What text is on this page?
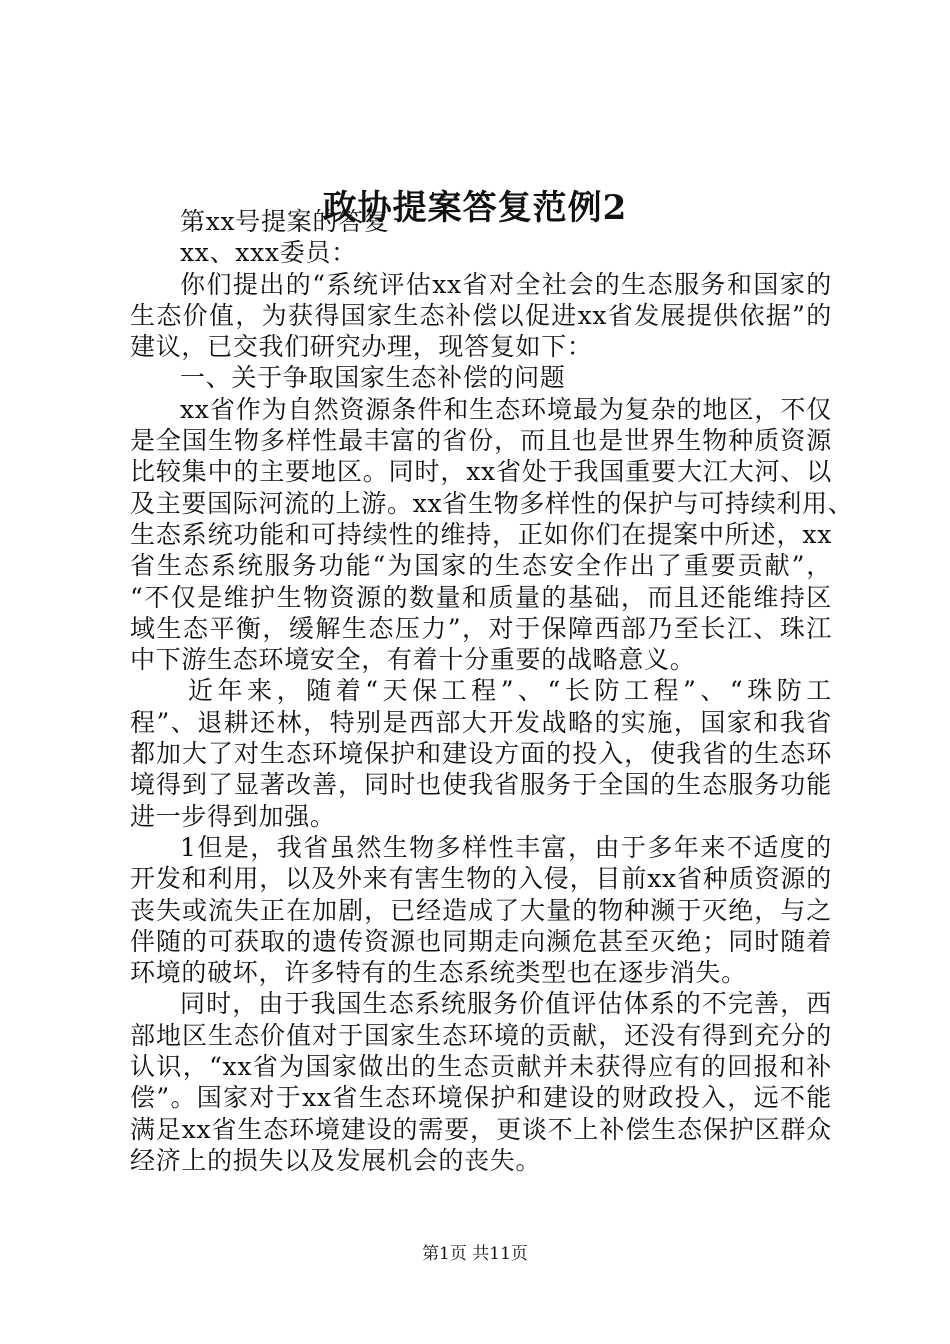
政协提案答复范例2
第xx号提案的答复
xx、xxx委员：
你们提出的“系统评估xx省对全社会的生态服务和国家的
生态价值，为获得国家生态补偿以促进xx省发展提供依据”的
建议，已交我们研究办理，现答复如下：
一、关于争取国家生态补偿的问题
xx省作为自然资源条件和生态环境最为复杂的地区，不仅
是全国生物多样性最丰富的省份，而且也是世界生物种质资源
比较集中的主要地区。同时，xx省处于我国重要大江大河、以
及主要国际河流的上游。xx省生物多样性的保护与可持续利用、
生态系统功能和可持续性的维持，正如你们在提案中所述，xx
省生态系统服务功能“为国家的生态安全作出了重要贡献”，
“不仅是维护生物资源的数量和质量的基础，而且还能维持区
域生态平衡，缓解生态压力”，对于保障西部乃至长江、珠江
中下游生态环境安全，有着十分重要的战略意义。
近年来，随着“天保工程”、“长防工程”、“珠防工
程”、退耕还林，特别是西部大开发战略的实施，国家和我省
都加大了对生态环境保护和建设方面的投入，使我省的生态环
境得到了显著改善，同时也使我省服务于全国的生态服务功能
进一步得到加强。
1但是，我省虽然生物多样性丰富，由于多年来不适度的
开发和利用，以及外来有害生物的入侵，目前xx省种质资源的
丧失或流失正在加剧，已经造成了大量的物种濒于灭绝，与之
伴随的可获取的遗传资源也同期走向濒危甚至灭绝；同时随着
环境的破坏，许多特有的生态系统类型也在逐步消失。
同时，由于我国生态系统服务价值评估体系的不完善，西
部地区生态价值对于国家生态环境的贡献，还没有得到充分的
认识，“xx省为国家做出的生态贡献并未获得应有的回报和补
偿”。国家对于xx省生态环境保护和建设的财政投入，远不能
满足xx省生态环境建设的需要，更谈不上补偿生态保护区群众
经济上的损失以及发展机会的丧失。
第1页 共11页
